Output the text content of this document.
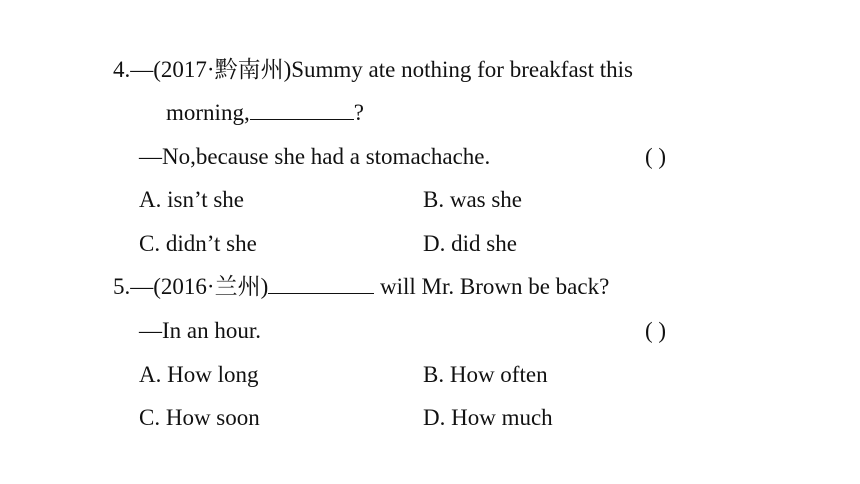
4.—(2017·黔南州)Summy ate nothing for breakfast this
morning,	?
—No,because she had a stomachache.	( )
A. isn’t she	B. was she
C. didn’t she	D. did she
5.—(2016·兰州)	will Mr. Brown be back?
—In an hour.	( )
A. How long	B. How often
C. How soon	D. How much
